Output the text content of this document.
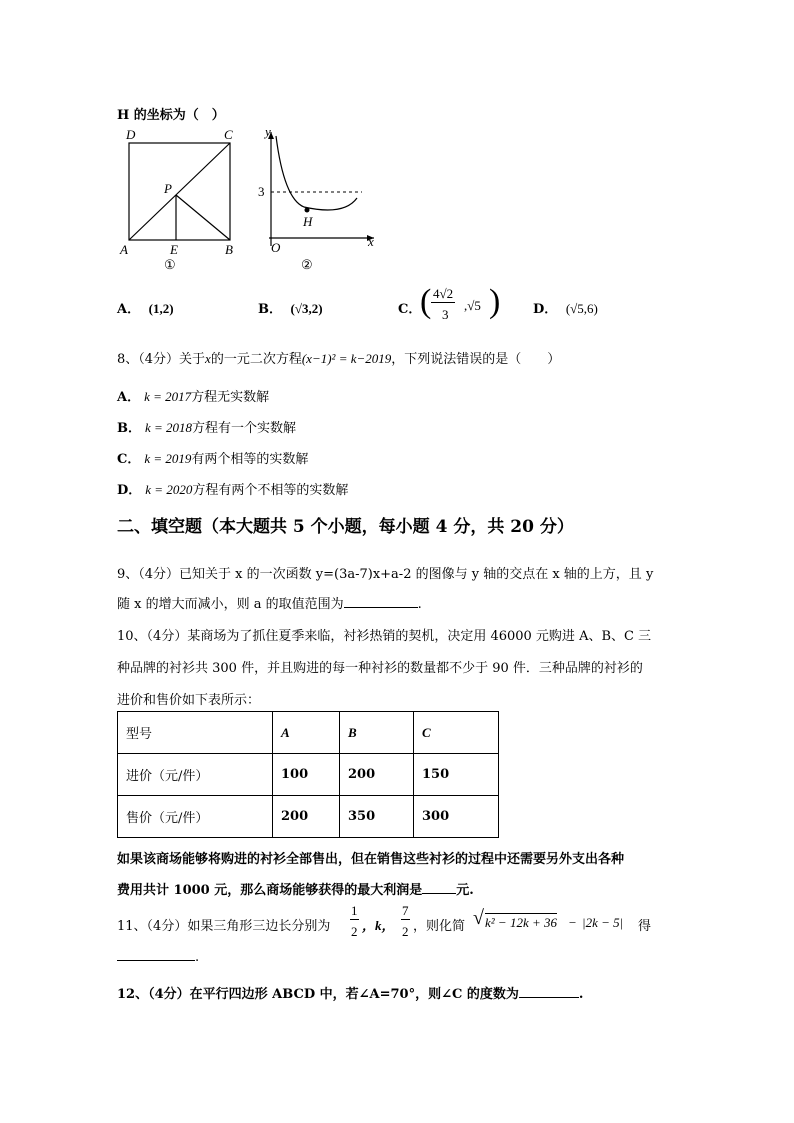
H 的坐标为（　）
D	C
P
A	E	B
①
y
3
H
O	x
②
A． (1,2)	B． (√3,2)	C．
( 4√2
3
,√5 )	D． (√5,6)
8、（4分）关于x的一元二次方程(x−1)² = k−2019，下列说法错误的是（　　）
A． k = 2017方程无实数解
B． k = 2018方程有一个实数解
C． k = 2019有两个相等的实数解
D． k = 2020方程有两个不相等的实数解
二、填空题（本大题共 5 个小题，每小题 4 分，共 20 分）
9、（4分）已知关于 x 的一次函数 y=(3a-7)x+a-2 的图像与 y 轴的交点在 x 轴的上方，且 y
随 x 的增大而减小，则 a 的取值范围为	.
10、（4分）某商场为了抓住夏季来临，衬衫热销的契机，决定用 46000 元购进 A、B、C 三
种品牌的衬衫共 300 件，并且购进的每一种衬衫的数量都不少于 90 件．三种品牌的衬衫的
进价和售价如下表所示：
型号	A	B	C
进价（元/件）	100	200	150
售价（元/件）	200	350	300
如果该商场能够将购进的衬衫全部售出，但在销售这些衬衫的过程中还需要另外支出各种
费用共计 1000 元，那么商场能够获得的最大利润是	元.
11、（4分）如果三角形三边长分别为
1
2 ，k，
7
2 ，则化简 √ k² − 12k + 36 − |2k − 5| 得
.
12、（4分）在平行四边形 ABCD 中，若∠A=70°，则∠C 的度数为	.
